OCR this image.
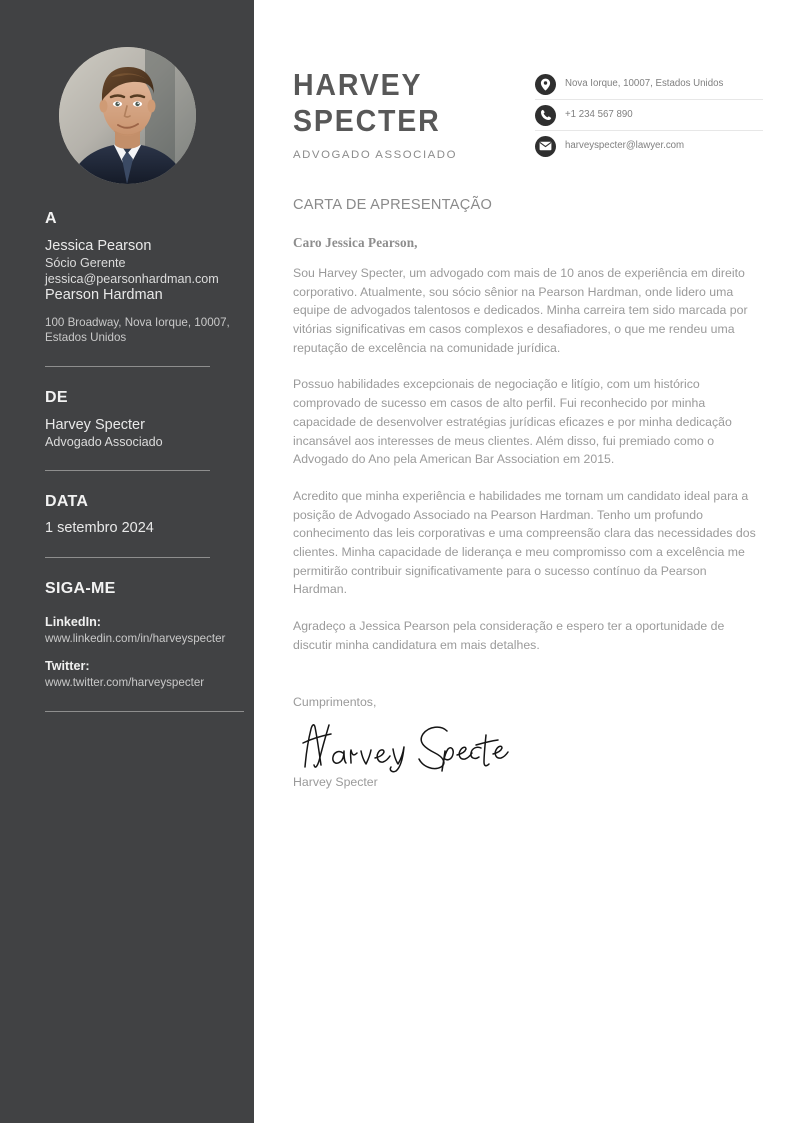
A

Jessica Pearson

Sócio Gerente

jessica@pearsonhardman.com

Pearson Hardman

100 Broadway, Nova Iorque, 10007, Estados Unidos

DE

Harvey Specter

Advogado Associado

DATA

1 setembro 2024

SIGA-ME

LinkedIn:

www.linkedin.com/in/harveyspecter

Twitter:

www.twitter.com/harveyspecter

HARVEY
SPECTER

ADVOGADO ASSOCIADO

Nova Iorque, 10007, Estados Unidos
+1 234 567 890
harveyspecter@lawyer.com
CARTA DE APRESENTAÇÃO

Caro Jessica Pearson,

Sou Harvey Specter, um advogado com mais de 10 anos de experiência em direito corporativo. Atualmente, sou sócio sênior na Pearson Hardman, onde lidero uma equipe de advogados talentosos e dedicados. Minha carreira tem sido marcada por vitórias significativas em casos complexos e desafiadores, o que me rendeu uma reputação de excelência na comunidade jurídica.

Possuo habilidades excepcionais de negociação e litígio, com um histórico comprovado de sucesso em casos de alto perfil. Fui reconhecido por minha capacidade de desenvolver estratégias jurídicas eficazes e por minha dedicação incansável aos interesses de meus clientes. Além disso, fui premiado como o Advogado do Ano pela American Bar Association em 2015.

Acredito que minha experiência e habilidades me tornam um candidato ideal para a posição de Advogado Associado na Pearson Hardman. Tenho um profundo conhecimento das leis corporativas e uma compreensão clara das necessidades dos clientes. Minha capacidade de liderança e meu compromisso com a excelência me permitirão contribuir significativamente para o sucesso contínuo da Pearson Hardman.

Agradeço a Jessica Pearson pela consideração e espero ter a oportunidade de discutir minha candidatura em mais detalhes.

Cumprimentos,

Harvey Specter
